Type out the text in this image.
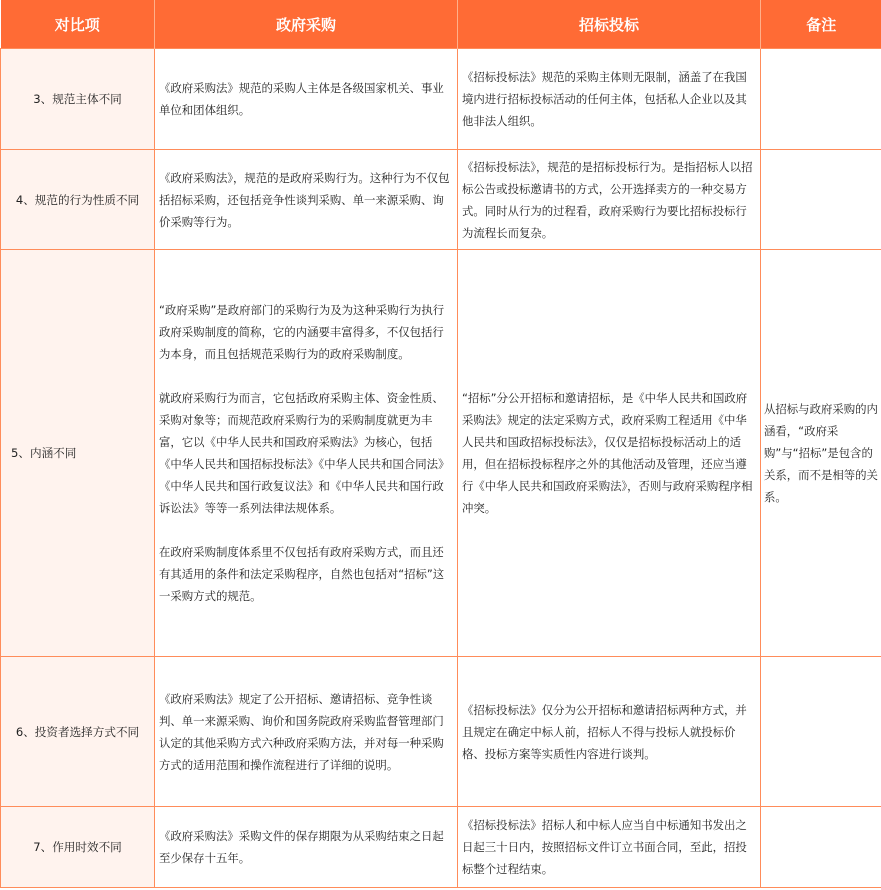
对比项	政府采购	招标投标	备注
3、规范主体不同	《政府采购法》规范的采购人主体是各级国家机关、事业单位和团体组织。	《招标投标法》规范的采购主体则无限制，涵盖了在我国境内进行招标投标活动的任何主体，包括私人企业以及其他非法人组织。	

4、规范的行为性质不同	《政府采购法》，规范的是政府采购行为。这种行为不仅包括招标采购，还包括竞争性谈判采购、单一来源采购、询价采购等行为。	《招标投标法》，规范的是招标投标行为。是指招标人以招标公告或投标邀请书的方式，公开选择卖方的一种交易方式。同时从行为的过程看，政府采购行为要比招标投标行为流程长而复杂。	

5、内涵不同	“政府采购”是政府部门的采购行为及为这种采购行为执行政府采购制度的简称，它的内涵要丰富得多，不仅包括行为本身，而且包括规范采购行为的政府采购制度。

就政府采购行为而言，它包括政府采购主体、资金性质、采购对象等；而规范政府采购行为的采购制度就更为丰富，它以《中华人民共和国政府采购法》为核心，包括《中华人民共和国招标投标法》《中华人民共和国合同法》《中华人民共和国行政复议法》和《中华人民共和国行政诉讼法》等等一系列法律法规体系。

在政府采购制度体系里不仅包括有政府采购方式，而且还有其适用的条件和法定采购程序，自然也包括对“招标”这一采购方式的规范。	“招标”分公开招标和邀请招标，是《中华人民共和国政府采购法》规定的法定采购方式，政府采购工程适用《中华人民共和国政招标投标法》，仅仅是招标投标活动上的适用，但在招标投标程序之外的其他活动及管理，还应当遵行《中华人民共和国政府采购法》，否则与政府采购程序相冲突。	从招标与政府采购的内涵看，“政府采购”与“招标”是包含的关系，而不是相等的关系。
6、投资者选择方式不同	《政府采购法》规定了公开招标、邀请招标、竞争性谈判、单一来源采购、询价和国务院政府采购监督管理部门认定的其他采购方式六种政府采购方法，并对每一种采购方式的适用范围和操作流程进行了详细的说明。	《招标投标法》仅分为公开招标和邀请招标两种方式，并且规定在确定中标人前，招标人不得与投标人就投标价格、投标方案等实质性内容进行谈判。	

7、作用时效不同	《政府采购法》采购文件的保存期限为从采购结束之日起至少保存十五年。	《招标投标法》招标人和中标人应当自中标通知书发出之日起三十日内，按照招标文件订立书面合同，至此，招投标整个过程结束。	
